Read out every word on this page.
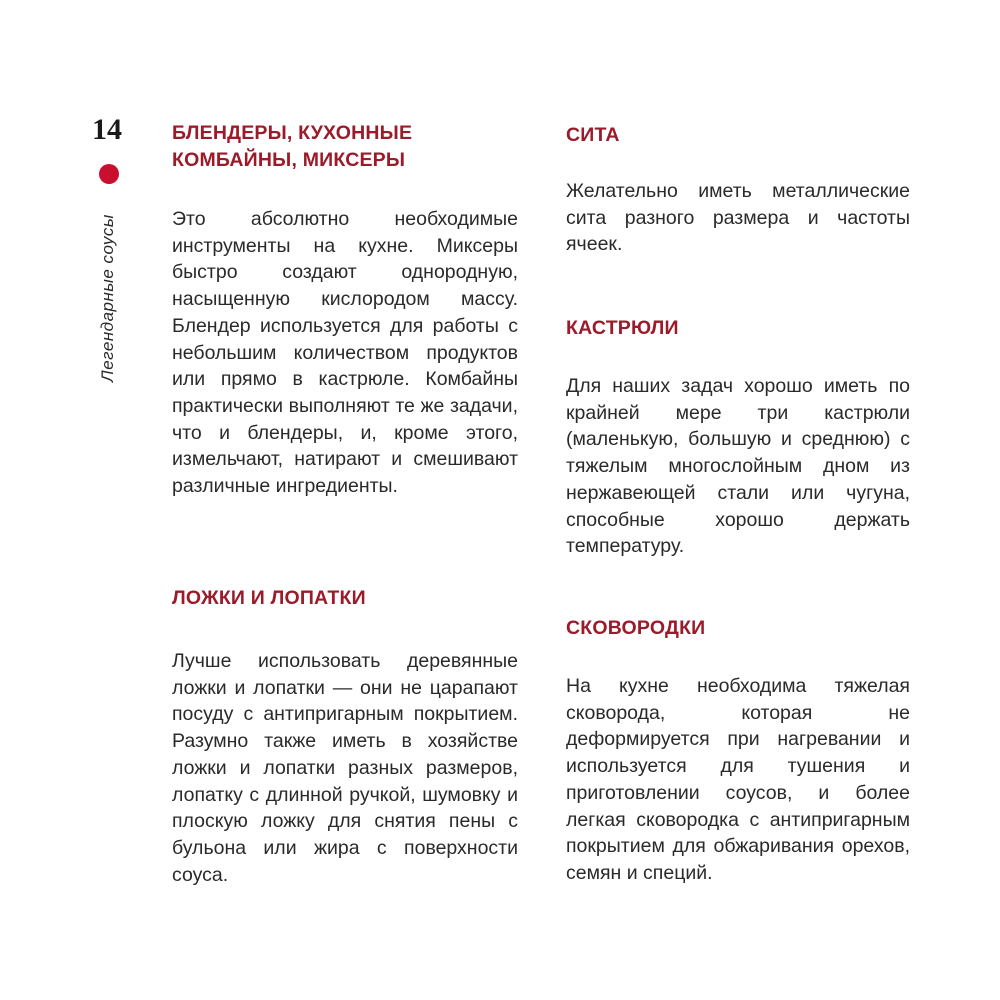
14
Легендарные соусы
БЛЕНДЕРЫ, КУХОННЫЕ КОМБАЙНЫ, МИКСЕРЫ

Это абсолютно необходимые инструменты на кухне. Миксеры быстро создают однородную, насыщенную кислородом массу. Блендер используется для работы с небольшим количеством продуктов или прямо в кастрюле. Комбайны практически выполняют те же задачи, что и блендеры, и, кроме этого, измельчают, натирают и смешивают различные ингредиенты.

ЛОЖКИ И ЛОПАТКИ

Лучше использовать деревянные ложки и лопатки — они не царапают посуду с антипригарным покрытием. Разумно также иметь в хозяйстве ложки и лопатки разных размеров, лопатку с длинной ручкой, шумовку и плоскую ложку для снятия пены с бульона или жира с поверхности соуса.

СИТА

Желательно иметь металлические сита разного размера и частоты ячеек.

КАСТРЮЛИ

Для наших задач хорошо иметь по крайней мере три кастрюли (маленькую, большую и среднюю) с тяжелым многослойным дном из нержавеющей стали или чугуна, способные хорошо держать температуру.

СКОВОРОДКИ

На кухне необходима тяжелая сковорода, которая не деформируется при нагревании и используется для тушения и приготовлении соусов, и более легкая сковородка с антипригарным покрытием для обжаривания орехов, семян и специй.
